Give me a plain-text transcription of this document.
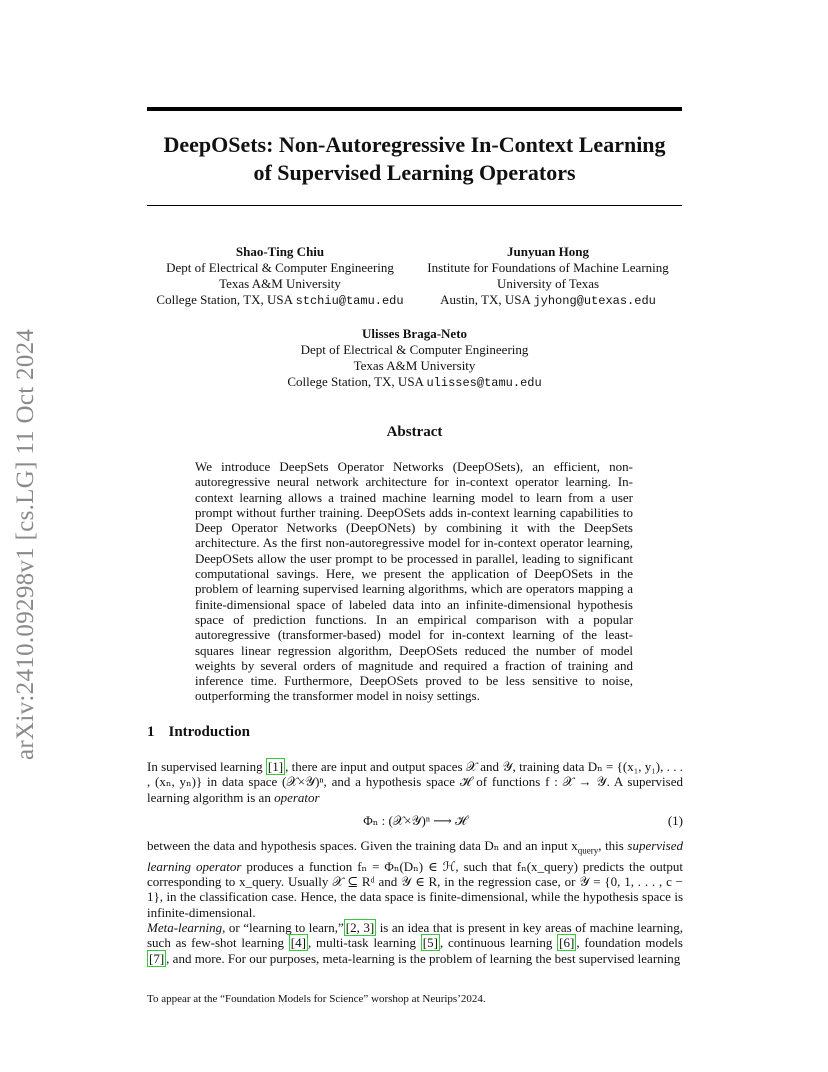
arXiv:2410.09298v1 [cs.LG] 11 Oct 2024
DeepOSets: Non-Autoregressive In-Context Learning
of Supervised Learning Operators
Shao-Ting Chiu
Dept of Electrical & Computer Engineering
Texas A&M University
College Station, TX, USA stchiu@tamu.edu
Junyuan Hong
Institute for Foundations of Machine Learning
University of Texas
Austin, TX, USA jyhong@utexas.edu
Ulisses Braga-Neto
Dept of Electrical & Computer Engineering
Texas A&M University
College Station, TX, USA ulisses@tamu.edu
Abstract
We introduce DeepSets Operator Networks (DeepOSets), an efficient, non-autoregressive neural network architecture for in-context operator learning. In-context learning allows a trained machine learning model to learn from a user prompt without further training. DeepOSets adds in-context learning capabilities to Deep Operator Networks (DeepONets) by combining it with the DeepSets architecture. As the first non-autoregressive model for in-context operator learning, DeepOSets allow the user prompt to be processed in parallel, leading to significant computational savings. Here, we present the application of DeepOSets in the problem of learning supervised learning algorithms, which are operators mapping a finite-dimensional space of labeled data into an infinite-dimensional hypothesis space of prediction functions. In an empirical comparison with a popular autoregressive (transformer-based) model for in-context learning of the least-squares linear regression algorithm, DeepOSets reduced the number of model weights by several orders of magnitude and required a fraction of training and inference time. Furthermore, DeepOSets proved to be less sensitive to noise, outperforming the transformer model in noisy settings.
1 Introduction
In supervised learning [1] , there are input and output spaces 𝒳 and 𝒴, training data Dₙ = {(x₁, y₁), . . . , (xₙ, yₙ)} in data space (𝒳×𝒴)ⁿ, and a hypothesis space ℋ of functions f : 𝒳 → 𝒴. A supervised learning algorithm is an operator
Φₙ : (𝒳×𝒴)ⁿ ⟶ ℋ	(1)
between the data and hypothesis spaces. Given the training data Dₙ and an input $x_{query}$, this supervised learning operator produces a function fₙ = Φₙ(Dₙ) ∈ ℋ, such that fₙ(x_query) predicts the output corresponding to x_query. Usually 𝒳 ⊆ Rᵈ and 𝒴 ∈ R, in the regression case, or 𝒴 = {0, 1, . . . , c − 1}, in the classification case. Hence, the data space is finite-dimensional, while the hypothesis space is infinite-dimensional.
Meta-learning, or “learning to learn,” [2, 3] is an idea that is present in key areas of machine learning, such as few-shot learning [4] , multi-task learning [5] , continuous learning [6] , foundation models [7] , and more. For our purposes, meta-learning is the problem of learning the best supervised learning
To appear at the “Foundation Models for Science” worshop at Neurips’2024.
